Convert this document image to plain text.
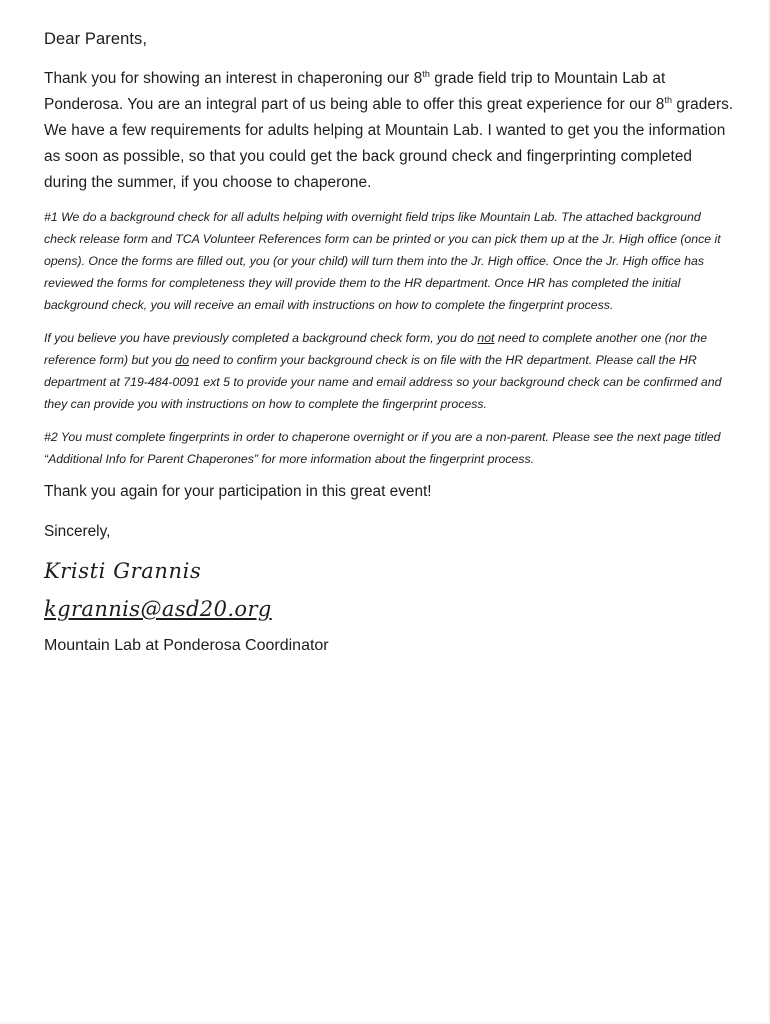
Dear Parents,

Thank you for showing an interest in chaperoning our 8th grade field trip to Mountain Lab at Ponderosa. You are an integral part of us being able to offer this great experience for our 8th graders. We have a few requirements for adults helping at Mountain Lab. I wanted to get you the information as soon as possible, so that you could get the back ground check and fingerprinting completed during the summer, if you choose to chaperone.

#1 We do a background check for all adults helping with overnight field trips like Mountain Lab. The attached background check release form and TCA Volunteer References form can be printed or you can pick them up at the Jr. High office (once it opens). Once the forms are filled out, you (or your child) will turn them into the Jr. High office. Once the Jr. High office has reviewed the forms for completeness they will provide them to the HR department. Once HR has completed the initial background check, you will receive an email with instructions on how to complete the fingerprint process.

If you believe you have previously completed a background check form, you do not need to complete another one (nor the reference form) but you do need to confirm your background check is on file with the HR department. Please call the HR department at 719-484-0091 ext 5 to provide your name and email address so your background check can be confirmed and they can provide you with instructions on how to complete the fingerprint process.

#2 You must complete fingerprints in order to chaperone overnight or if you are a non-parent. Please see the next page titled “Additional Info for Parent Chaperones” for more information about the fingerprint process.

Thank you again for your participation in this great event!

Sincerely,

Kristi Grannis

kgrannis@asd20.org

Mountain Lab at Ponderosa Coordinator
